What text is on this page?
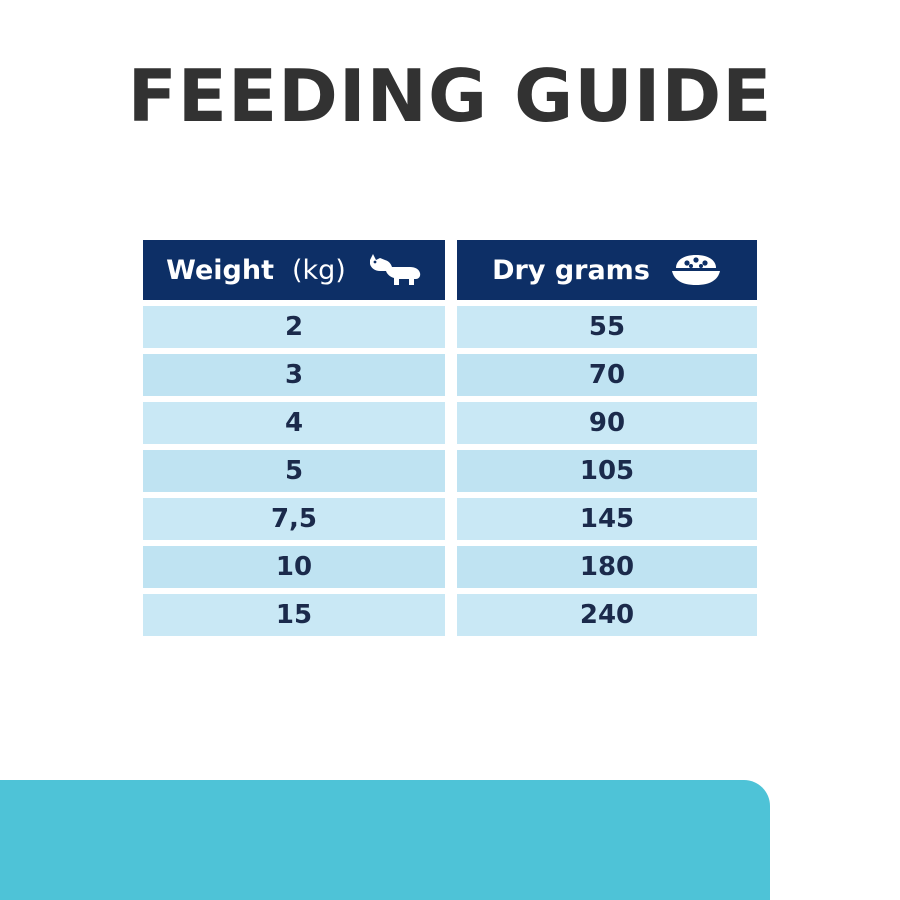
FEEDING GUIDE
Weight (kg)	Dry grams
2	55
3	70
4	90
5	105
7,5	145
10	180
15	240
